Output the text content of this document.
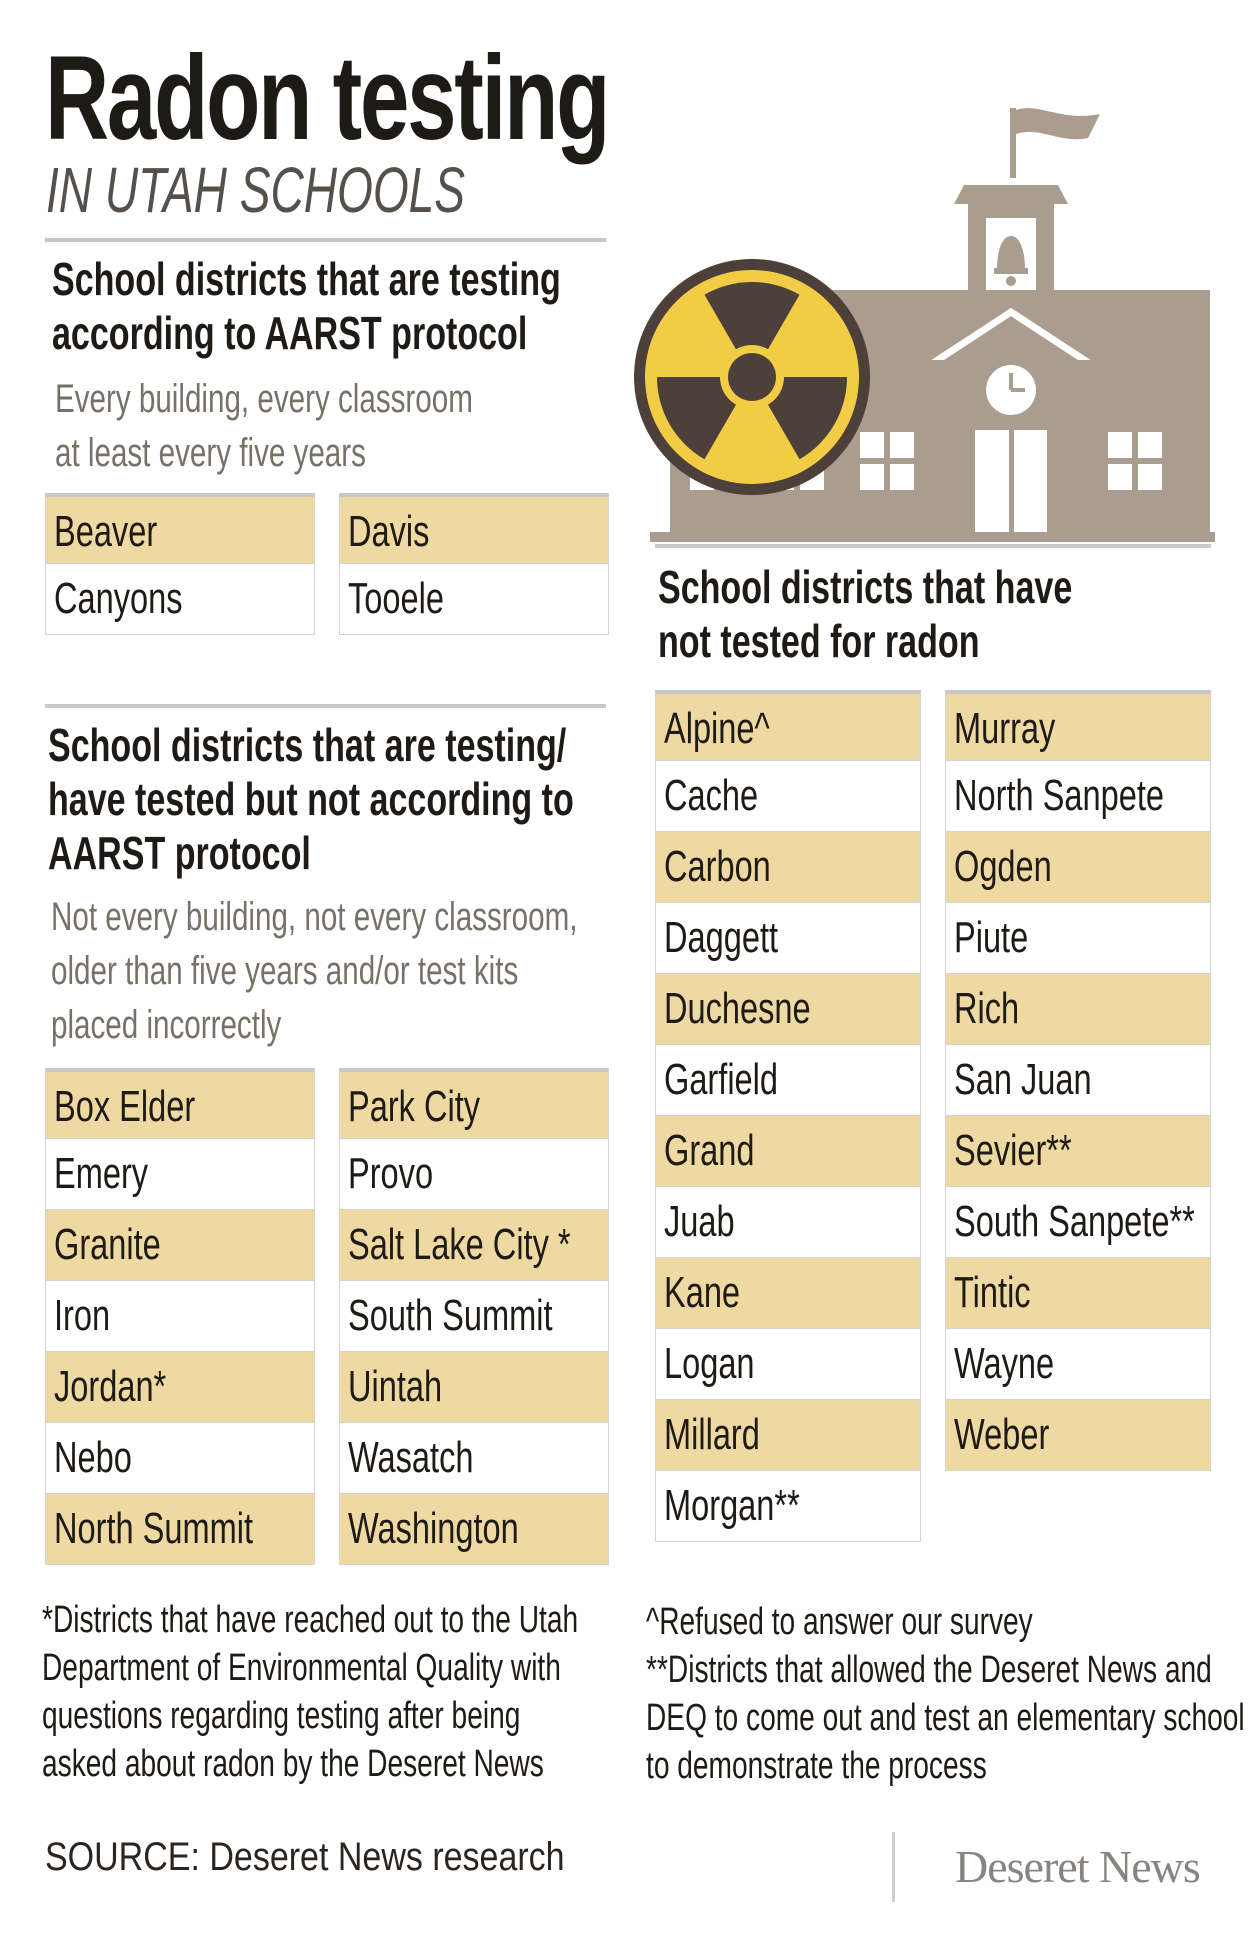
Radon testing
IN UTAH SCHOOLS
School districts that are testing
according to AARST protocol
Every building, every classroom
at least every five years
Beaver
Canyons
Davis
Tooele
School districts that are testing/
have tested but not according to
AARST protocol
Not every building, not every classroom,
older than five years and/or test kits
placed incorrectly
Box Elder
Emery
Granite
Iron
Jordan*
Nebo
North Summit
Park City
Provo
Salt Lake City *
South Summit
Uintah
Wasatch
Washington
School districts that have
not tested for radon
Alpine^
Cache
Carbon
Daggett
Duchesne
Garfield
Grand
Juab
Kane
Logan
Millard
Morgan**
Murray
North Sanpete
Ogden
Piute
Rich
San Juan
Sevier**
South Sanpete**
Tintic
Wayne
Weber
*Districts that have reached out to the Utah
Department of Environmental Quality with
questions regarding testing after being
asked about radon by the Deseret News
^Refused to answer our survey
**Districts that allowed the Deseret News and
DEQ to come out and test an elementary school
to demonstrate the process
SOURCE: Deseret News research	Deseret News
